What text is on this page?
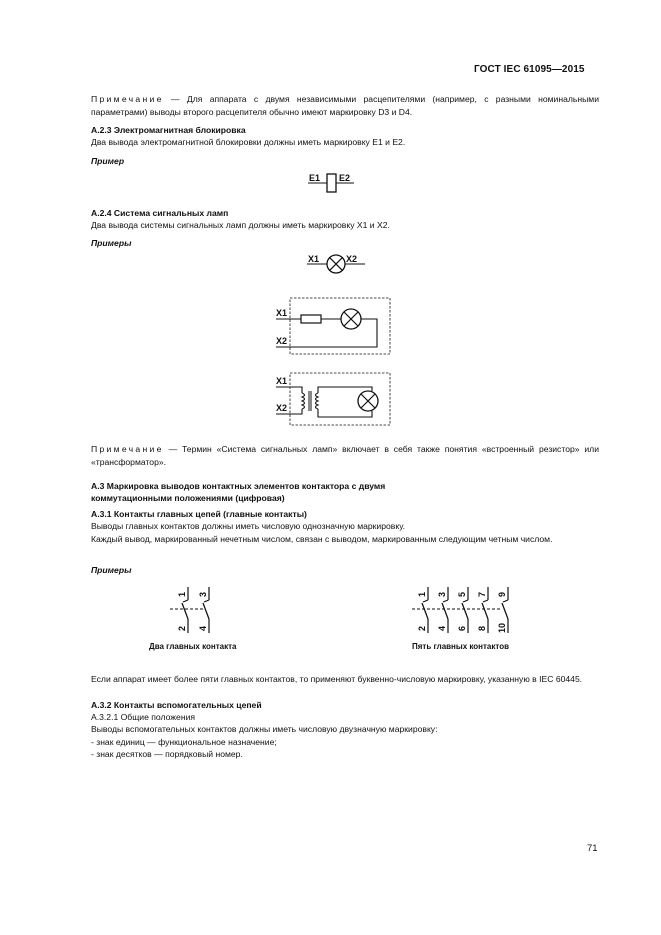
ГОСТ IEC 61095—2015
Примечание — Для аппарата с двумя независимыми расцепителями (например, с разными номинальными параметрами) выводы второго расцепителя обычно имеют маркировку D3 и D4.
А.2.3 Электромагнитная блокировка
Два вывода электромагнитной блокировки должны иметь маркировку Е1 и Е2.
Пример
E1 E2
А.2.4 Система сигнальных ламп
Два вывода системы сигнальных ламп должны иметь маркировку Х1 и Х2.
Примеры
X1	X2
X1
X2
X1
X2
Примечание — Термин «Система сигнальных ламп» включает в себя также понятия «встроенный резистор» или «трансформатор».
А.3 Маркировка выводов контактных элементов контактора с двумя
коммутационными положениями (цифровая)
А.3.1 Контакты главных цепей (главные контакты)
Выводы главных контактов должны иметь числовую однозначную маркировку.
Каждый вывод, маркированный нечетным числом, связан с выводом, маркированным следующим четным числом.
Примеры
1
2
3
4
Два главных контакта
1
2
3
4
5
6
7
8
9
10
Пять главных контактов
Если аппарат имеет более пяти главных контактов, то применяют буквенно-числовую маркировку, указанную в IEC 60445.
А.3.2 Контакты вспомогательных цепей
А.3.2.1 Общие положения
Выводы вспомогательных контактов должны иметь числовую двузначную маркировку:
- знак единиц — функциональное назначение;
- знак десятков — порядковый номер.
71
